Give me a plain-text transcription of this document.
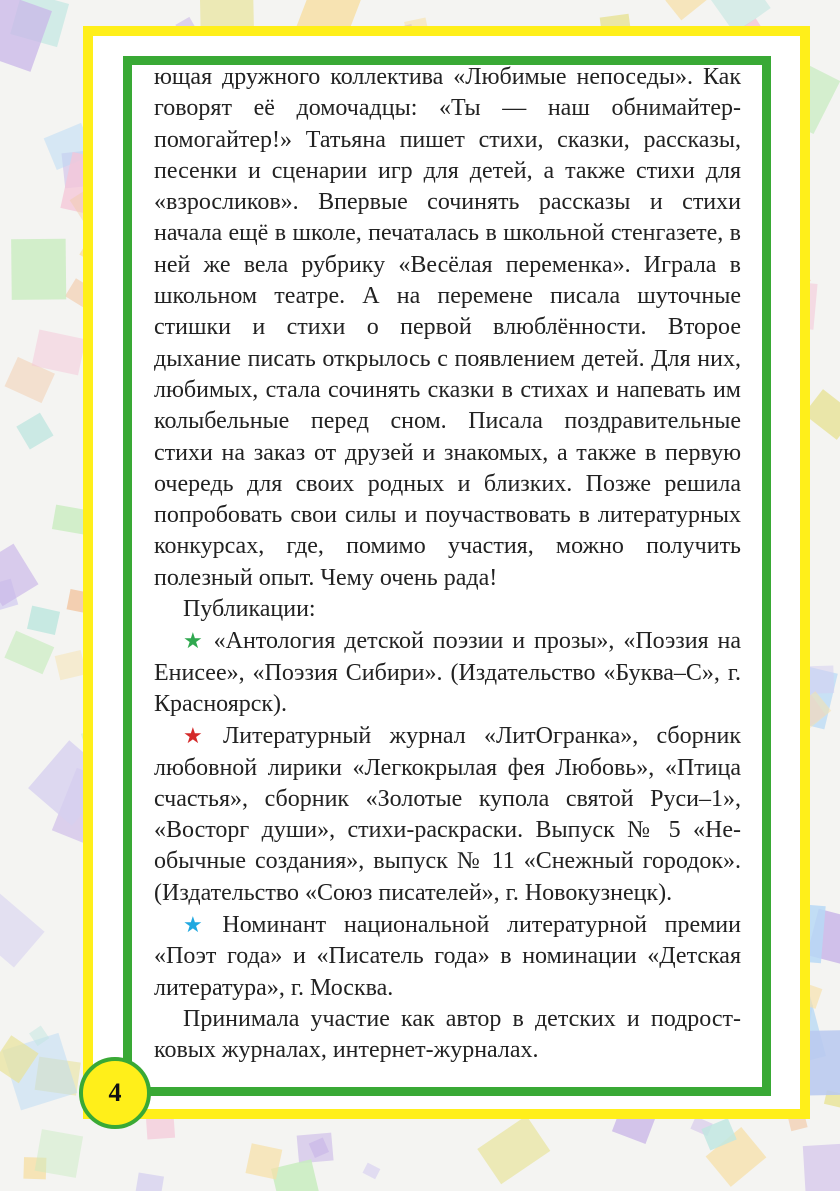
ющая дружного коллектива «Любимые непоседы». Как говорят её домочадцы: «Ты — наш обнимайтер-помогайтер!» Татьяна пишет стихи, сказки, рассказы, песенки и сценарии игр для детей, а также стихи для «взросликов». Впервые сочинять рассказы и стихи начала ещё в школе, печаталась в школьной стенгазете, в ней же вела рубрику «Весёлая переменка». Играла в школьном театре. А на перемене писала шуточные стишки и стихи о первой влюблённости. Второе дыхание писать открылось с появлением детей. Для них, любимых, стала сочинять сказки в стихах и напевать им колыбельные перед сном. Писала поздравительные стихи на заказ от друзей и знакомых, а также в первую очередь для своих родных и близких. Позже решила попробовать свои силы и поучаствовать в литературных конкурсах, где, помимо участия, можно получить полезный опыт. Чему очень рада!

Публикации:

★ «Антология детской поэзии и прозы», «Поэзия на Енисее», «Поэзия Сибири». (Издательство «Буква–С», г. Красноярск).

★ Литературный журнал «ЛитОгранка», сборник любовной лирики «Легкокрылая фея Любовь», «Птица счастья», сборник «Золотые купола святой Руси–1», «Восторг души», стихи-раскраски. Выпуск № 5 «Необычные создания», выпуск № 11 «Снежный городок». (Издательство «Союз писателей», г. Новокузнецк).

★ Номинант национальной литературной премии «Поэт года» и «Писатель года» в номинации «Детская литература», г. Москва.

Принимала участие как автор в детских и подростковых журналах, интернет-журналах.

4
